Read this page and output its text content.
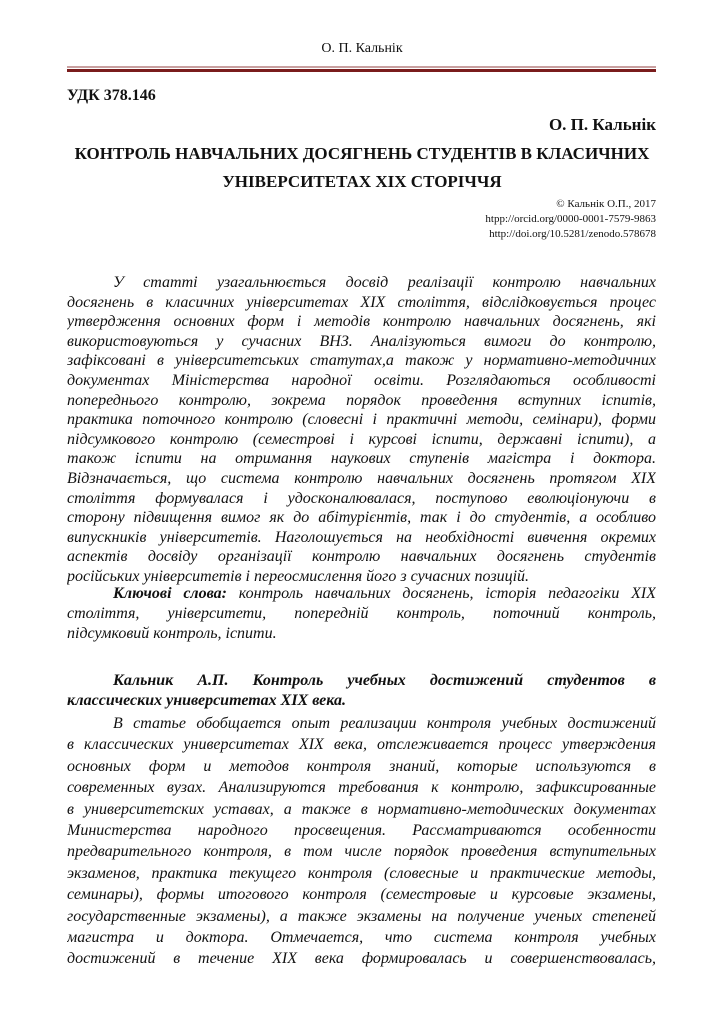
О. П. Кальнік
УДК 378.146
О. П. Кальнік
КОНТРОЛЬ НАВЧАЛЬНИХ ДОСЯГНЕНЬ СТУДЕНТІВ В КЛАСИЧНИХ
УНІВЕРСИТЕТАХ XIX СТОРІЧЧЯ
© Кальнік О.П., 2017
htpp://orcid.org/0000-0001-7579-9863
http://doi.org/10.5281/zenodo.578678
У статті узагальнюється досвід реалізації контролю навчальних
досягнень в класичних університетах XIX століття, відслідковується процес
утвердження основних форм і методів контролю навчальних досягнень, які
використовуються у сучасних ВНЗ. Аналізуються вимоги до контролю,
зафіксовані в університетських статутах,а також у нормативно-методичних
документах Міністерства народної освіти. Розглядаються особливості
попереднього контролю, зокрема порядок проведення вступних іспитів,
практика поточного контролю (словесні і практичні методи, семінари), форми
підсумкового контролю (семестрові і курсові іспити, державні іспити), а
також іспити на отримання наукових ступенів магістра і доктора.
Відзначається, що система контролю навчальних досягнень протягом XIX
століття формувалася і удосконалювалася, поступово еволюціонуючи в
сторону підвищення вимог як до абітурієнтів, так і до студентів, а особливо
випускників університетів. Наголошується на необхідності вивчення окремих
аспектів досвіду організації контролю навчальних досягнень студентів
російських університетів і переосмислення його з сучасних позицій.
Ключові слова: контроль навчальних досягнень, історія педагогіки XIX
століття, університети, попередній контроль, поточний контроль,
підсумковий контроль, іспити.
Кальник А.П. Контроль учебных достижений студентов в
классических университетах XIX века.
В статье обобщается опыт реализации контроля учебных достижений
в классических университетах XIX века, отслеживается процесс утверждения
основных форм и методов контроля знаний, которые используются в
современных вузах. Анализируются требования к контролю, зафиксированные
в университетских уставах, а также в нормативно-методических документах
Министерства народного просвещения. Рассматриваются особенности
предварительного контроля, в том числе порядок проведения вступительных
экзаменов, практика текущего контроля (словесные и практические методы,
семинары), формы итогового контроля (семестровые и курсовые экзамены,
государственные экзамены), а также экзамены на получение ученых степеней
магистра и доктора. Отмечается, что система контроля учебных
достижений в течение XIX века формировалась и совершенствовалась,
